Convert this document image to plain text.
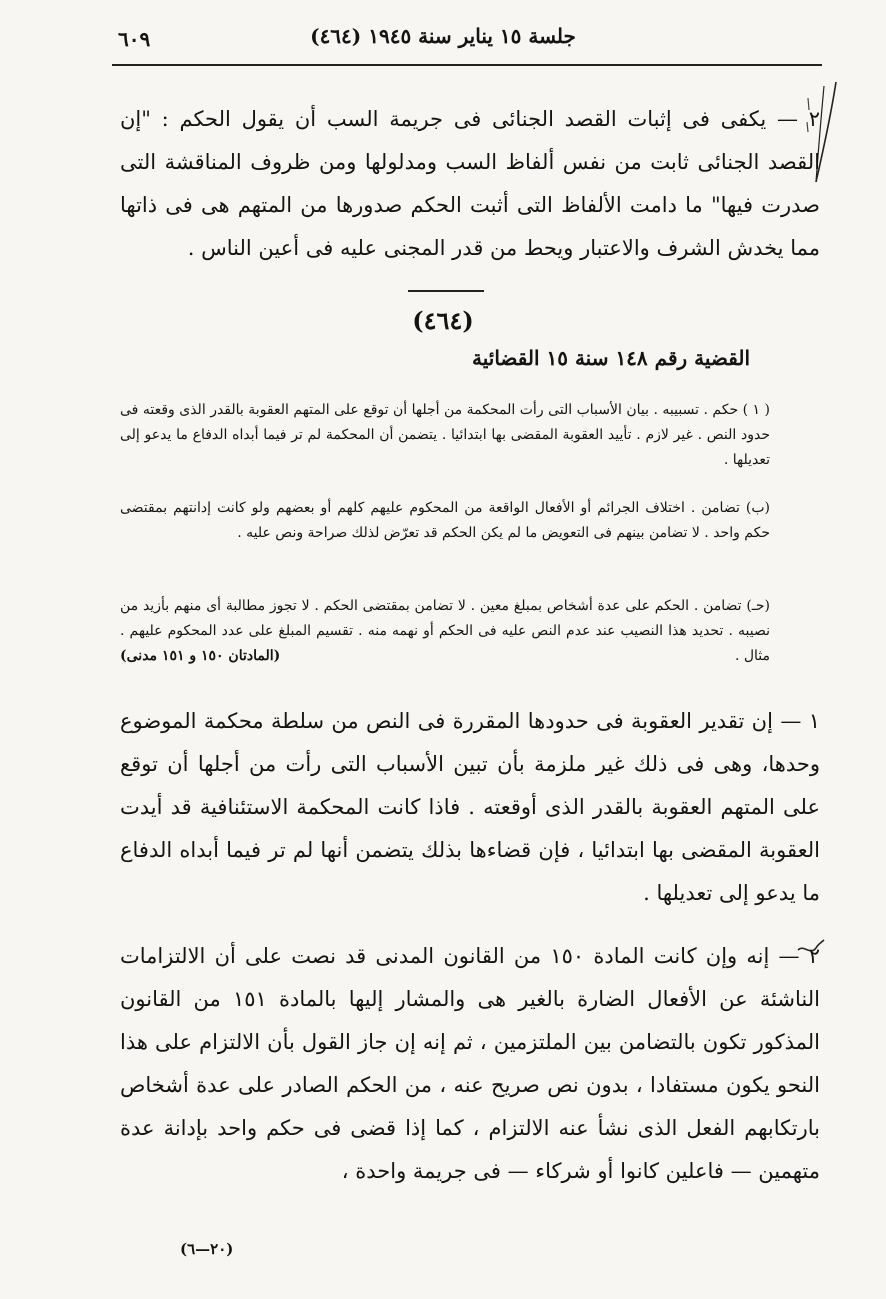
جلسة ١٥ يناير سنة ١٩٤٥ (٤٦٤)
٦٠٩

٢ — يكفى فى إثبات القصد الجنائى فى جريمة السب أن يقول الحكم : "إن القصد الجنائى ثابت من نفس ألفاظ السب ومدلولها ومن ظروف المناقشة التى صدرت فيها" ما دامت الألفاظ التى أثبت الحكم صدورها من المتهم هى فى ذاتها مما يخدش الشرف والاعتبار ويحط من قدر المجنى عليه فى أعين الناس .

(٤٦٤)
القضية رقم ١٤٨ سنة ١٥ القضائية

( ١ ) حكم . تسبيبه . بيان الأسباب التى رأت المحكمة من أجلها أن توقع على المتهم العقوبة بالقدر الذى وقعته فى حدود النص . غير لازم . تأييد العقوبة المقضى بها ابتدائيا . يتضمن أن المحكمة لم تر فيما أبداه الدفاع ما يدعو إلى تعديلها .

(ب) تضامن . اختلاف الجرائم أو الأفعال الواقعة من المحكوم عليهم كلهم أو بعضهم ولو كانت إدانتهم بمقتضى حكم واحد . لا تضامن بينهم فى التعويض ما لم يكن الحكم قد تعرّض لذلك صراحة ونص عليه .

(حـ) تضامن . الحكم على عدة أشخاص بمبلغ معين . لا تضامن بمقتضى الحكم . لا تجوز مطالبة أى منهم بأزيد من نصيبه . تحديد هذا النصيب عند عدم النص عليه فى الحكم أو نهمه منه . تقسيم المبلغ على عدد المحكوم عليهم . مثال .
(المادتان ١٥٠ و ١٥١ مدنى)

١ — إن تقدير العقوبة فى حدودها المقررة فى النص من سلطة محكمة الموضوع وحدها، وهى فى ذلك غير ملزمة بأن تبين الأسباب التى رأت من أجلها أن توقع على المتهم العقوبة بالقدر الذى أوقعته . فاذا كانت المحكمة الاستئنافية قد أيدت العقوبة المقضى بها ابتدائيا ، فإن قضاءها بذلك يتضمن أنها لم تر فيما أبداه الدفاع ما يدعو إلى تعديلها .

٢ — إنه وإن كانت المادة ١٥٠ من القانون المدنى قد نصت على أن الالتزامات الناشئة عن الأفعال الضارة بالغير هى والمشار إليها بالمادة ١٥١ من القانون المذكور تكون بالتضامن بين الملتزمين ، ثم إنه إن جاز القول بأن الالتزام على هذا النحو يكون مستفادا ، بدون نص صريح عنه ، من الحكم الصادر على عدة أشخاص بارتكابهم الفعل الذى نشأ عنه الالتزام ، كما إذا قضى فى حكم واحد بإدانة عدة متهمين — فاعلين كانوا أو شركاء — فى جريمة واحدة ،

(٢٠—٦)
